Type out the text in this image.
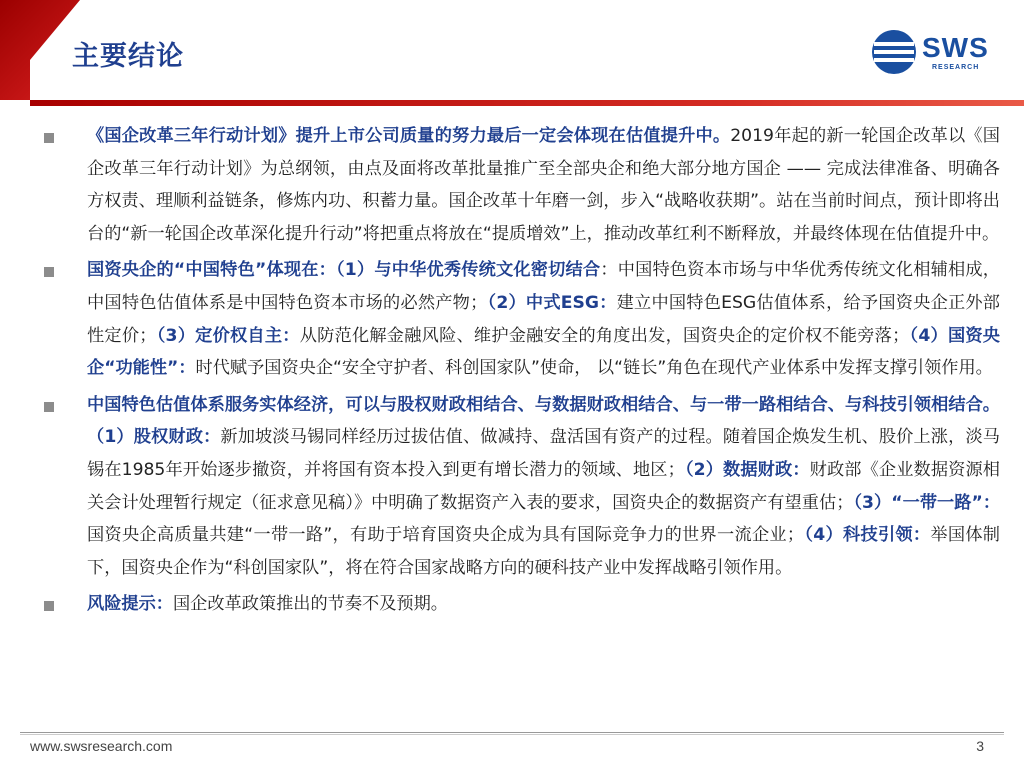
主要结论	SWS
RESEARCH
《国企改革三年行动计划》提升上市公司质量的努力最后一定会体现在估值提升中。2019年起的新一轮国企改革以《国企改革三年行动计划》为总纲领，由点及面将改革批量推广至全部央企和绝大部分地方国企 —— 完成法律准备、明确各方权责、理顺利益链条，修炼内功、积蓄力量。国企改革十年磨一剑，步入“战略收获期”。站在当前时间点，预计即将出台的“新一轮国企改革深化提升行动”将把重点将放在“提质增效”上，推动改革红利不断释放，并最终体现在估值提升中。
国资央企的“中国特色”体现在：（1）与中华优秀传统文化密切结合：中国特色资本市场与中华优秀传统文化相辅相成，中国特色估值体系是中国特色资本市场的必然产物；（2）中式ESG：建立中国特色ESG估值体系，给予国资央企正外部性定价；（3）定价权自主：从防范化解金融风险、维护金融安全的角度出发，国资央企的定价权不能旁落；（4）国资央企“功能性”：时代赋予国资央企“安全守护者、科创国家队”使命， 以“链长”角色在现代产业体系中发挥支撑引领作用。
中国特色估值体系服务实体经济，可以与股权财政相结合、与数据财政相结合、与一带一路相结合、与科技引领相结合。（1）股权财政：新加坡淡马锡同样经历过拔估值、做减持、盘活国有资产的过程。随着国企焕发生机、股价上涨，淡马锡在1985年开始逐步撤资，并将国有资本投入到更有增长潜力的领域、地区；（2）数据财政：财政部《企业数据资源相关会计处理暂行规定（征求意见稿）》中明确了数据资产入表的要求，国资央企的数据资产有望重估；（3）“一带一路”：国资央企高质量共建“一带一路”，有助于培育国资央企成为具有国际竞争力的世界一流企业；（4）科技引领：举国体制下，国资央企作为“科创国家队”，将在符合国家战略方向的硬科技产业中发挥战略引领作用。
风险提示：国企改革政策推出的节奏不及预期。
www.swsresearch.com	3
